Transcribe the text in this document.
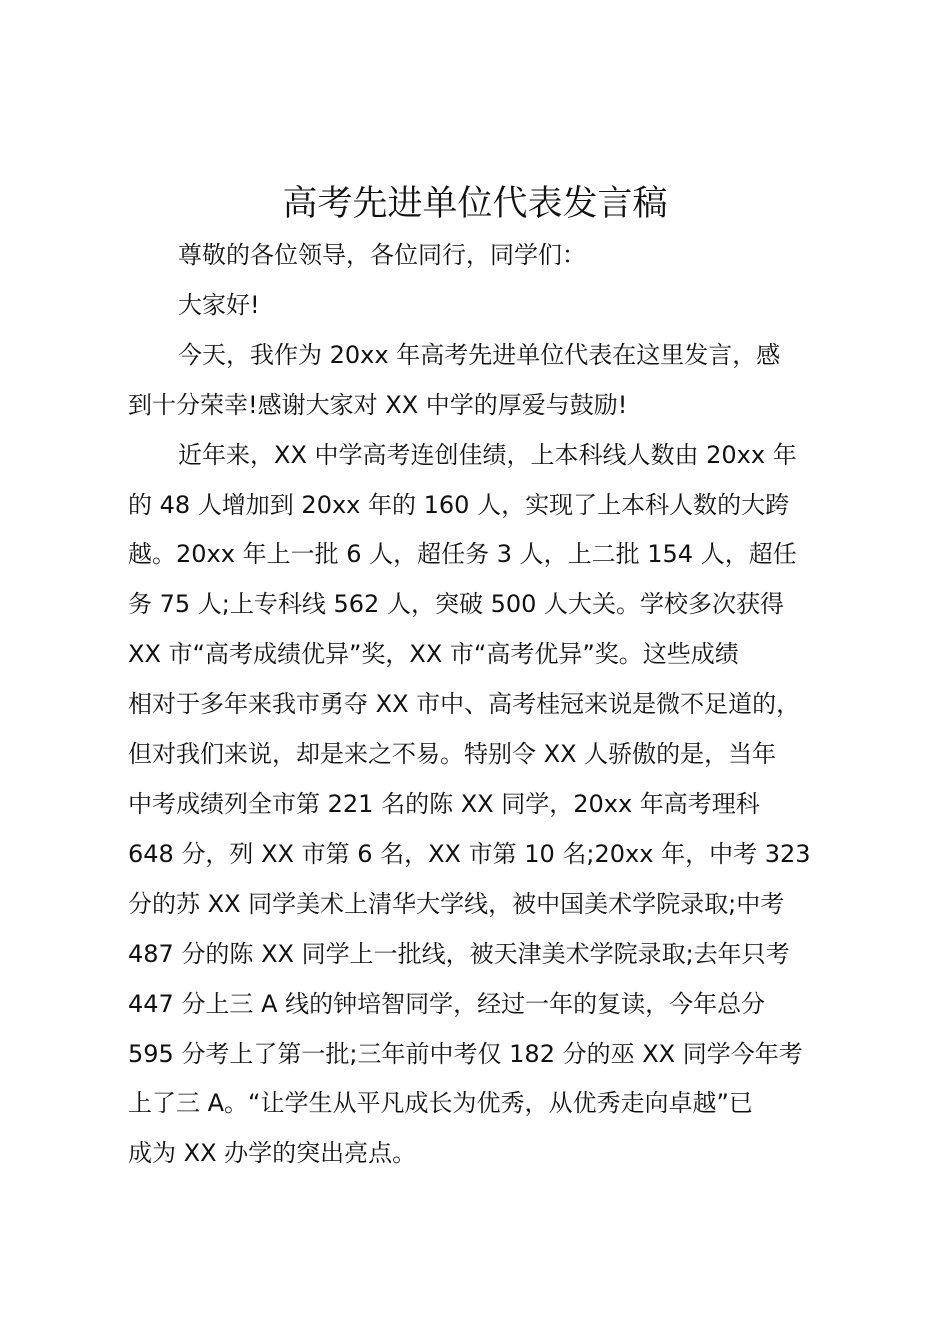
高考先进单位代表发言稿
尊敬的各位领导，各位同行，同学们：
大家好!
今天，我作为 20xx 年高考先进单位代表在这里发言，感
到十分荣幸!感谢大家对 XX 中学的厚爱与鼓励!
近年来，XX 中学高考连创佳绩，上本科线人数由 20xx 年
的 48 人增加到 20xx 年的 160 人，实现了上本科人数的大跨
越。20xx 年上一批 6 人，超任务 3 人，上二批 154 人，超任
务 75 人;上专科线 562 人，突破 500 人大关。学校多次获得
XX 市“高考成绩优异”奖，XX 市“高考优异”奖。这些成绩
相对于多年来我市勇夺 XX 市中、高考桂冠来说是微不足道的，
但对我们来说，却是来之不易。特别令 XX 人骄傲的是，当年
中考成绩列全市第 221 名的陈 XX 同学，20xx 年高考理科
648 分，列 XX 市第 6 名，XX 市第 10 名;20xx 年，中考 323
分的苏 XX 同学美术上清华大学线，被中国美术学院录取;中考
487 分的陈 XX 同学上一批线，被天津美术学院录取;去年只考
447 分上三 A 线的钟培智同学，经过一年的复读，今年总分
595 分考上了第一批;三年前中考仅 182 分的巫 XX 同学今年考
上了三 A。“让学生从平凡成长为优秀，从优秀走向卓越”已
成为 XX 办学的突出亮点。
